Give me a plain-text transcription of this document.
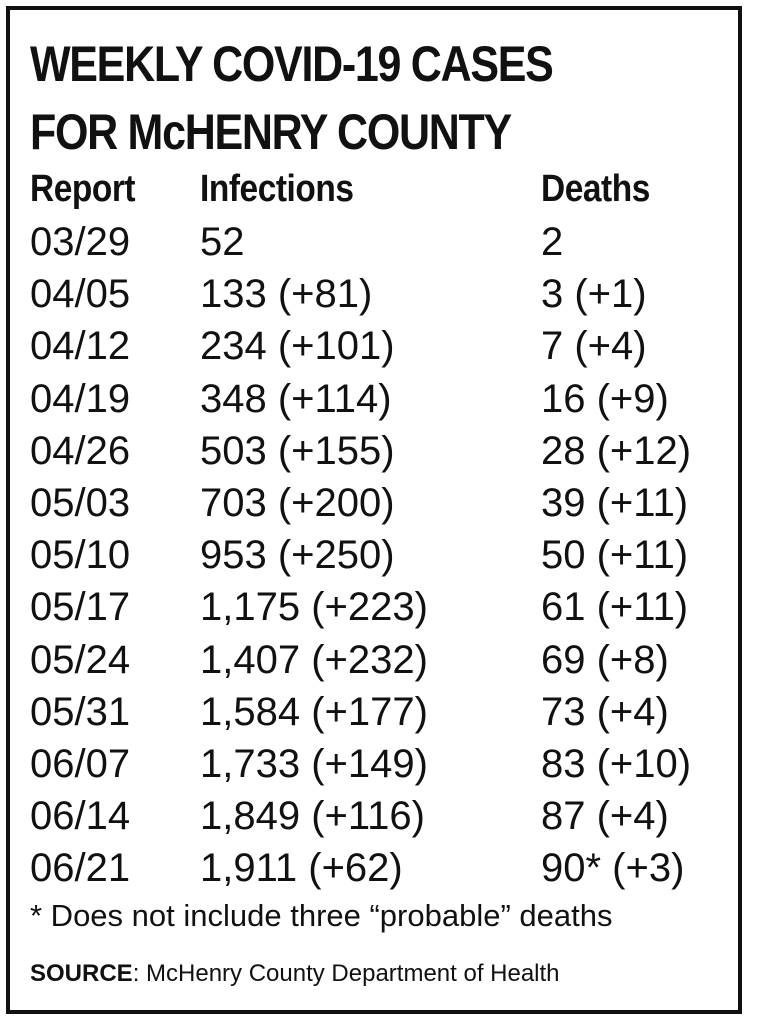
WEEKLY COVID-19 CASES
FOR McHENRY COUNTY
Report Infections	Deaths
03/29 52	2
04/05 133 (+81)	3 (+1)
04/12 234 (+101)	7 (+4)
04/19 348 (+114)	16 (+9)
04/26 503 (+155)	28 (+12)
05/03 703 (+200)	39 (+11)
05/10 953 (+250)	50 (+11)
05/17 1,175 (+223)	61 (+11)
05/24 1,407 (+232)	69 (+8)
05/31 1,584 (+177)	73 (+4)
06/07 1,733 (+149)	83 (+10)
06/14 1,849 (+116)	87 (+4)
06/21 1,911 (+62)	90* (+3)
* Does not include three “probable” deaths
SOURCE: McHenry County Department of Health
